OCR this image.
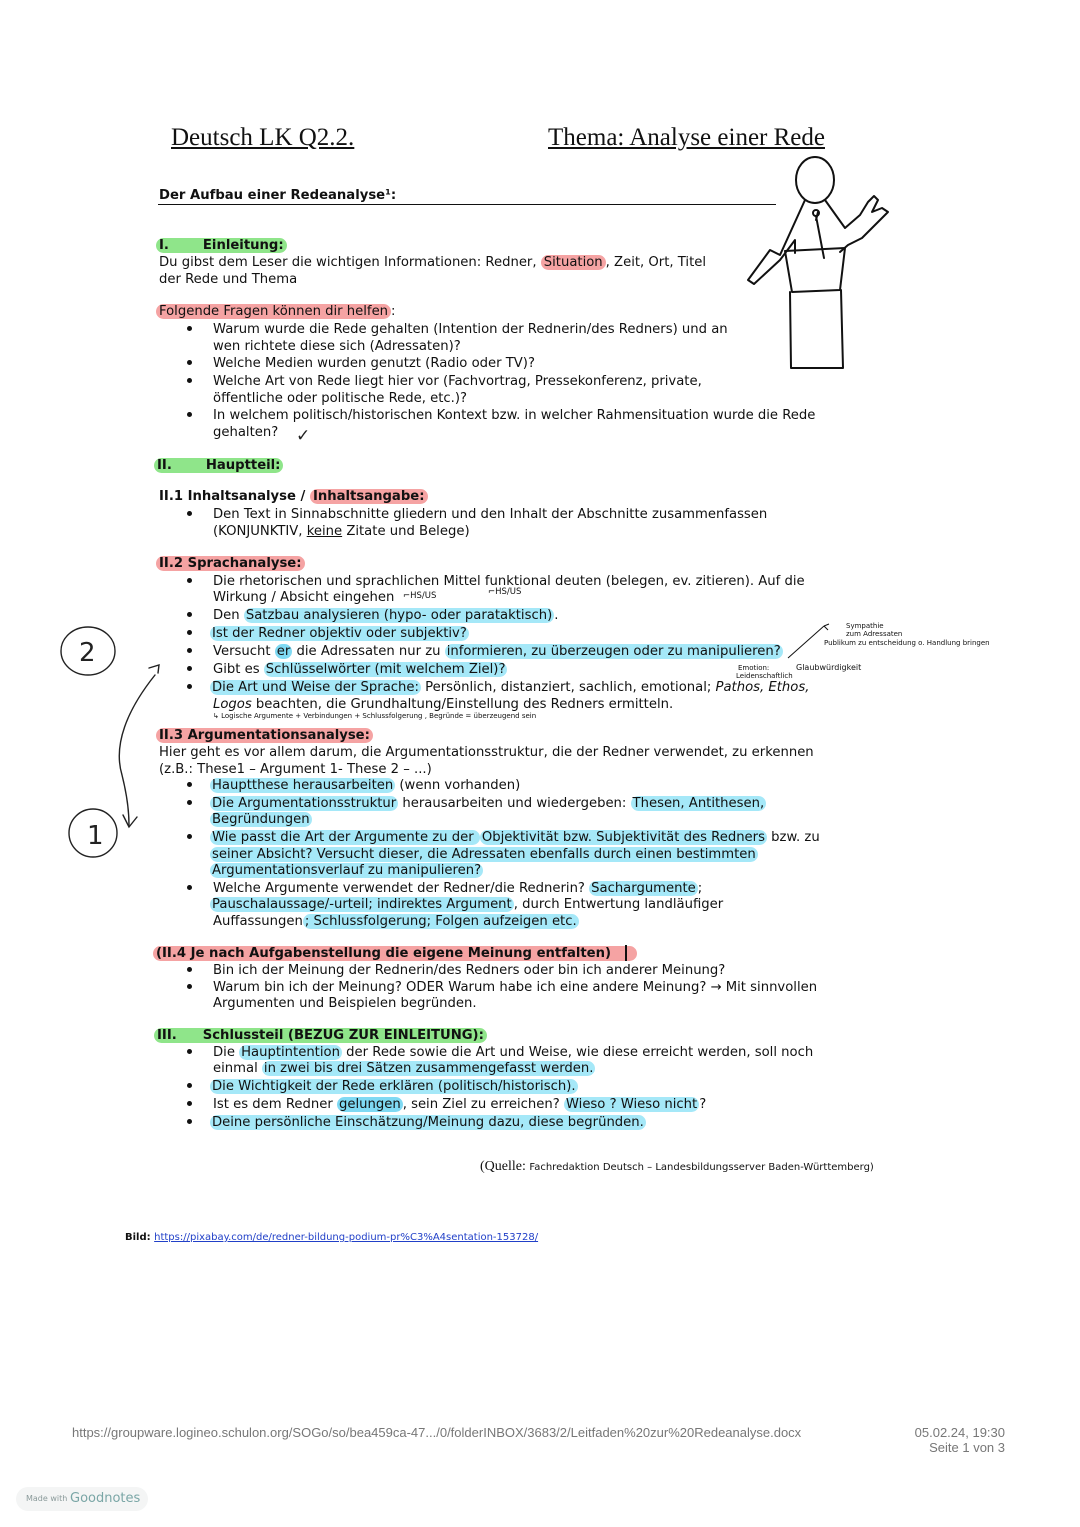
Deutsch LK Q2.2.	Thema: Analyse einer Rede
Der Aufbau einer Redeanalyse¹:
I.	Einleitung:
Du gibst dem Leser die wichtigen Informationen: Redner, Situation , Zeit, Ort, Titel
der Rede und Thema
Folgende Fragen können dir helfen :
Warum wurde die Rede gehalten (Intention der Rednerin/des Redners) und an
wen richtete diese sich (Adressaten)?
Welche Medien wurden genutzt (Radio oder TV)?
Welche Art von Rede liegt hier vor (Fachvortrag, Pressekonferenz, private,
öffentliche oder politische Rede, etc.)?
In welchem politisch/historischen Kontext bzw. in welcher Rahmensituation wurde die Rede
gehalten? ✓
II.	Hauptteil:
II.1 Inhaltsanalyse / Inhaltsangabe:
Den Text in Sinnabschnitte gliedern und den Inhalt der Abschnitte zusammenfassen
(KONJUNKTIV, keine Zitate und Belege)
II.2 Sprachanalyse:
Die rhetorischen und sprachlichen Mittel funktional deuten (belegen, ev. zitieren). Auf die
Wirkung / Absicht eingehen ⌐HS/US	⌐HS/US
Den Satzbau analysieren (hypo- oder parataktisch) .
Ist der Redner objektiv oder subjektiv?
Versucht er die Adressaten nur zu informieren, zu überzeugen oder zu manipulieren?
Gibt es Schlüsselwörter (mit welchem Ziel)?
Die Art und Weise der Sprache: Persönlich, distanziert, sachlich, emotional; Pathos, Ethos,
Logos beachten, die Grundhaltung/Einstellung des Redners ermitteln.
↳ Logische Argumente + Verbindungen + Schlussfolgerung , Begründe = überzeugend sein
Sympathie
zum Adressaten
Publikum zu entscheidung o. Handlung bringen
Emotion:
Leidenschaftlich
Glaubwürdigkeit
II.3 Argumentationsanalyse:
Hier geht es vor allem darum, die Argumentationsstruktur, die der Redner verwendet, zu erkennen
(z.B.: These1 – Argument 1- These 2 – ...)
Hauptthese herausarbeiten (wenn vorhanden)
Die Argumentationsstruktur herausarbeiten und wiedergeben: Thesen, Antithesen,
Begründungen
Wie passt die Art der Argumente zu der Objektivität bzw. Subjektivität des Redners bzw. zu
seiner Absicht? Versucht dieser, die Adressaten ebenfalls durch einen bestimmten
Argumentationsverlauf zu manipulieren?
Welche Argumente verwendet der Redner/die Rednerin? Sachargumente ;
Pauschalaussage/-urteil; indirektes Argument , durch Entwertung landläufiger
Auffassungen ; Schlussfolgerung; Folgen aufzeigen etc.
(II.4 Je nach Aufgabenstellung die eigene Meinung entfalten)
Bin ich der Meinung der Rednerin/des Redners oder bin ich anderer Meinung?
Warum bin ich der Meinung? ODER Warum habe ich eine andere Meinung? → Mit sinnvollen
Argumenten und Beispielen begründen.
III. Schlussteil (BEZUG ZUR EINLEITUNG):
Die Hauptintention der Rede sowie die Art und Weise, wie diese erreicht werden, soll noch
einmal in zwei bis drei Sätzen zusammengefasst werden.
Die Wichtigkeit der Rede erklären (politisch/historisch).
Ist es dem Redner gelungen , sein Ziel zu erreichen? Wieso ? Wieso nicht ?
Deine persönliche Einschätzung/Meinung dazu, diese begründen.
(Quelle: Fachredaktion Deutsch – Landesbildungsserver Baden-Württemberg)
Bild: https://pixabay.com/de/redner-bildung-podium-pr%C3%A4sentation-153728/
2
1
https://groupware.logineo.schulon.org/SOGo/so/bea459ca-47.../0/folderINBOX/3683/2/Leitfaden%20zur%20Redeanalyse.docx	05.02.24, 19:30
Seite 1 von 3
Made with Goodnotes
